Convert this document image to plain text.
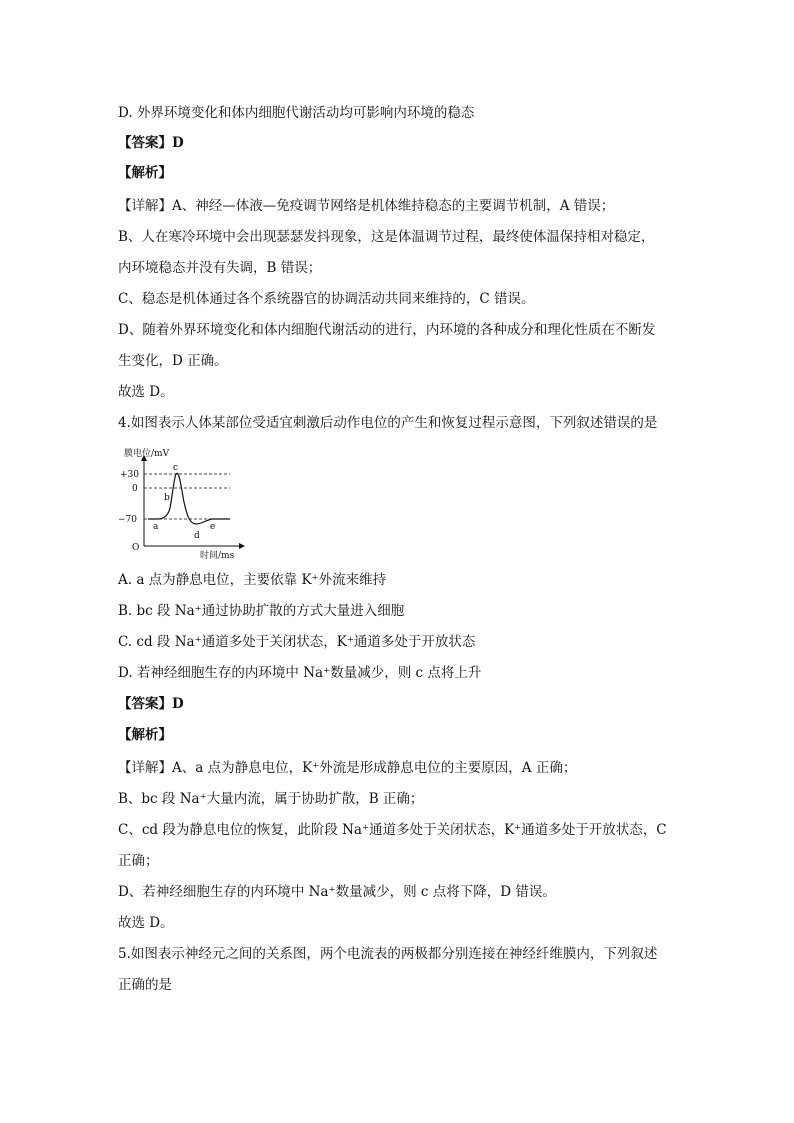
D. 外界环境变化和体内细胞代谢活动均可影响内环境的稳态
【答案】D
【解析】
【详解】A、神经—体液—免疫调节网络是机体维持稳态的主要调节机制，A 错误；
B、人在寒冷环境中会出现瑟瑟发抖现象，这是体温调节过程，最终使体温保持相对稳定，
内环境稳态并没有失调，B 错误；
C、稳态是机体通过各个系统器官的协调活动共同来维持的，C 错误。
D、随着外界环境变化和体内细胞代谢活动的进行，内环境的各种成分和理化性质在不断发
生变化，D 正确。
故选 D。
4.如图表示人体某部位受适宜刺激后动作电位的产生和恢复过程示意图，下列叙述错误的是
+30
0
−70
O
膜电位/mV
时间/ms
a
b
c
d
e
A. a 点为静息电位，主要依靠 K⁺外流来维持
B. bc 段 Na⁺通过协助扩散的方式大量进入细胞
C. cd 段 Na⁺通道多处于关闭状态，K⁺通道多处于开放状态
D. 若神经细胞生存的内环境中 Na⁺数量减少，则 c 点将上升
【答案】D
【解析】
【详解】A、a 点为静息电位，K⁺外流是形成静息电位的主要原因，A 正确；
B、bc 段 Na⁺大量内流，属于协助扩散，B 正确；
C、cd 段为静息电位的恢复，此阶段 Na⁺通道多处于关闭状态，K⁺通道多处于开放状态，C
正确；
D、若神经细胞生存的内环境中 Na⁺数量减少，则 c 点将下降，D 错误。
故选 D。
5.如图表示神经元之间的关系图，两个电流表的两极都分别连接在神经纤维膜内，下列叙述
正确的是
